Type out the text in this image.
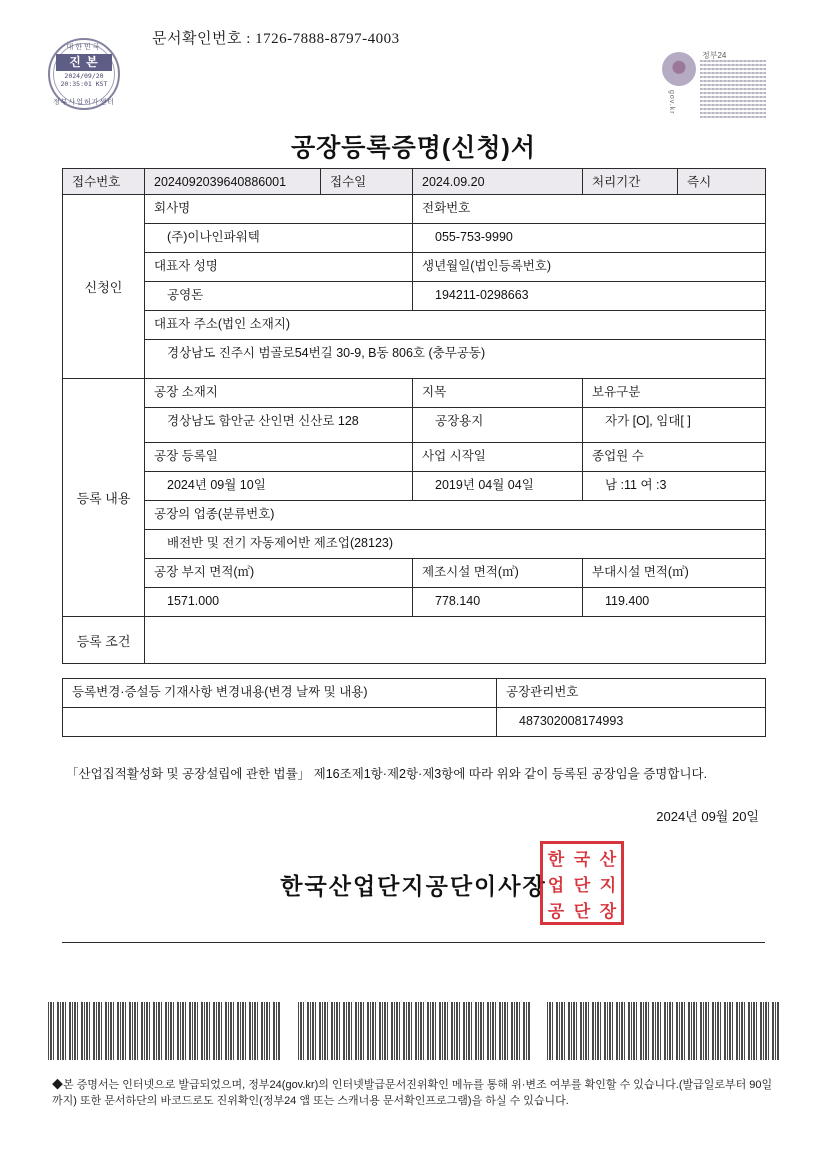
문서확인번호 : 1726-7888-8797-4003
대한민국
진 본
2024/09/20 20:35:01 KST
정부사업허가센터
정부24
gov.kr
공장등록증명(신청)서
접수번호	2024092039640886001	접수일	2024.09.20		처리기간	즉시

신청인	회사명		전화번호			

	(주)이나인파워텍		055-753-9990			

	대표자 성명		생년월일(법인등록번호)			

	공영돈		194211-0298663			

	대표자 주소(법인 소재지)					

	경상남도 진주시 범골로54번길 30-9, B동 806호 (충무공동)					

등록 내용	공장 소재지		지목		보유구분	

	경상남도 함안군 산인면 신산로 128		공장용지		자가 [O], 임대[ ]	

	공장 등록일		사업 시작일		종업원 수	

	2024년 09월 10일		2019년 04월 04일		남 :11 여 :3	

	공장의 업종(분류번호)					

	배전반 및 전기 자동제어반 제조업(28123)					

	공장 부지 면적(㎡)		제조시설 면적(㎡)		부대시설 면적(㎡)	

	1571.000		778.140		119.400	

등록 조건						

등록변경·증설등 기재사항 변경내용(변경 날짜 및 내용)				공장관리번호		

				487302008174993		
「산업집적활성화 및 공장설립에 관한 법률」 제16조제1항·제2항·제3항에 따라 위와 같이 등록된 공장임을 증명합니다.
2024년 09월 20일
한국산업단지공단이사장
한 국 산
업 단 지
공 단 장
◆본 증명서는 인터넷으로 발급되었으며, 정부24(gov.kr)의 인터넷발급문서진위확인 메뉴를 통해 위·변조 여부를 확인할 수 있습니다.(발급일로부터 90일까지) 또한 문서하단의 바코드로도 진위확인(정부24 앱 또는 스캐너용 문서확인프로그램)을 하실 수 있습니다.
